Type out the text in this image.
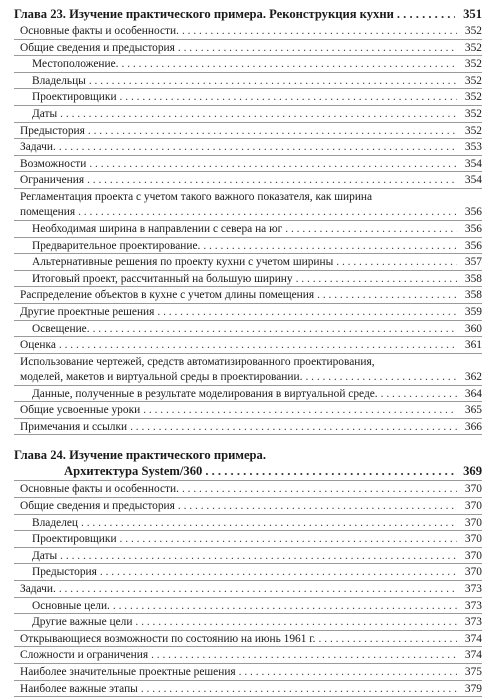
Глава 23. Изучение практического примера. Реконструкция кухни . . .	351
Основные факты и особенности. . . .	352
Общие сведения и предыстория . . .	352
Местоположение. . . .	352
Владельцы . . .	352
Проектировщики . . .	352
Даты . . .	352
Предыстория . . .	352
Задачи. . . .	353
Возможности . . .	354
Ограничения . . .	354
Регламентация проекта с учетом такого важного показателя, как ширина
помещения . . .	356
Необходимая ширина в направлении с севера на юг . . .	356
Предварительное проектирование. . . .	356
Альтернативные решения по проекту кухни с учетом ширины . . .	357
Итоговый проект, рассчитанный на большую ширину . . .	358
Распределение объектов в кухне с учетом длины помещения . . .	358
Другие проектные решения . . .	359
Освещение. . . .	360
Оценка . . .	361
Использование чертежей, средств автоматизированного проектирования,
моделей, макетов и виртуальной среды в проектировании. . . .	362
Данные, полученные в результате моделирования в виртуальной среде. . . .	364
Общие усвоенные уроки . . .	365
Примечания и ссылки . . .	366
Глава 24. Изучение практического примера.
Архитектура System/360 . . .	369
Основные факты и особенности. . . .	370
Общие сведения и предыстория . . .	370
Владелец . . .	370
Проектировщики . . .	370
Даты . . .	370
Предыстория . . .	370
Задачи. . . .	373
Основные цели. . . .	373
Другие важные цели . . .	373
Открывающиеся возможности по состоянию на июнь 1961 г. . . .	374
Сложности и ограничения . . .	374
Наиболее значительные проектные решения . . .	375
Наиболее важные этапы . . .	379
